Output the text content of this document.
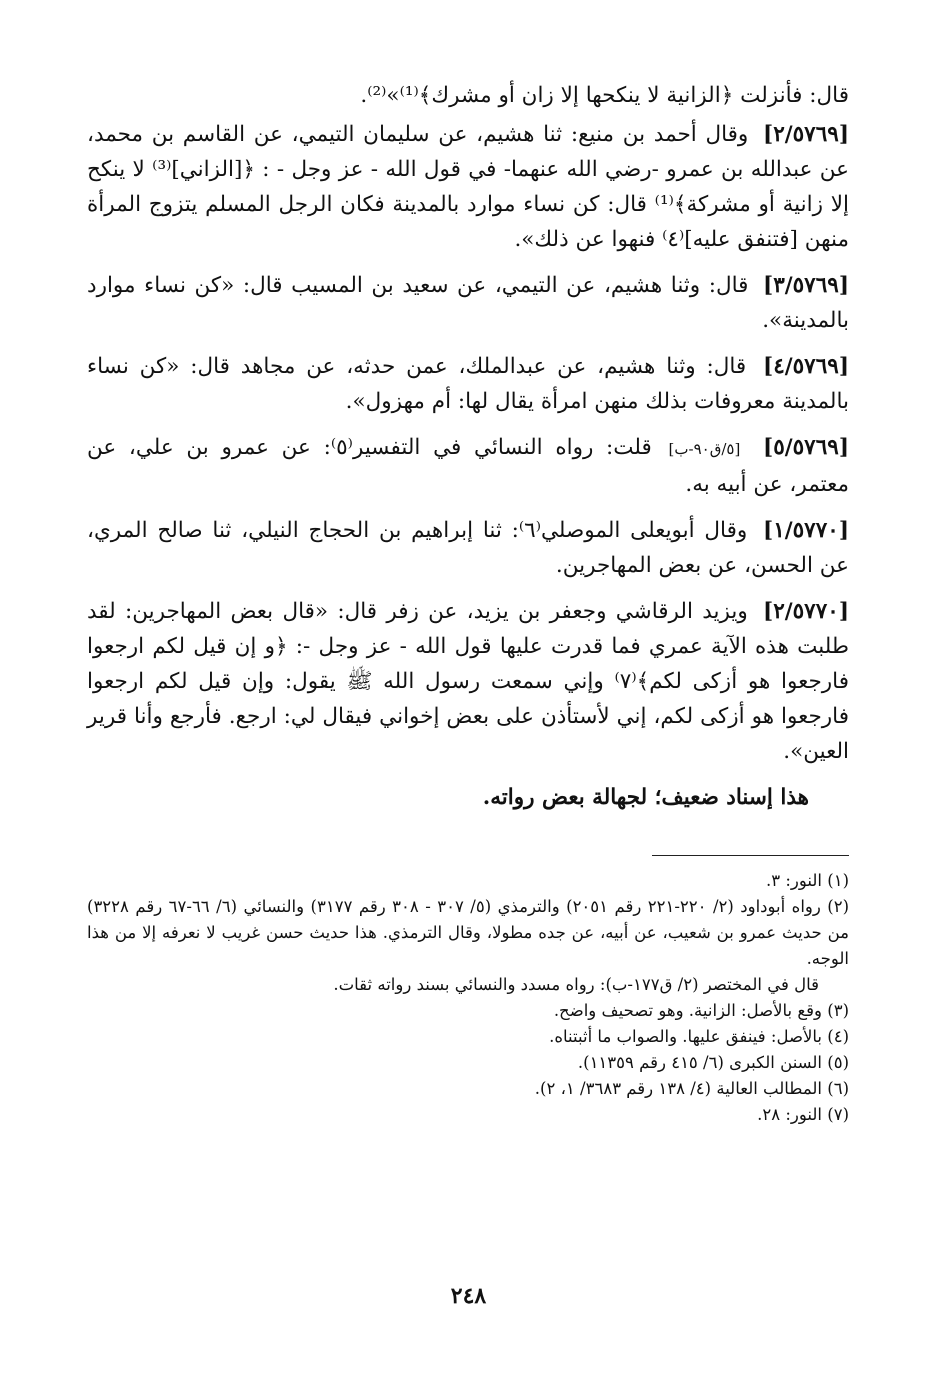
قال: فأنزلت ﴿الزانية لا ينكحها إلا زان أو مشرك﴾⁽¹⁾»⁽²⁾.

[٢/٥٧٦٩] وقال أحمد بن منيع: ثنا هشيم، عن سليمان التيمي، عن القاسم بن محمد، عن عبدالله بن عمرو -رضي الله عنهما- في قول الله - عز وجل - : ﴿[الزاني]⁽³⁾ لا ينكح إلا زانية أو مشركة﴾⁽¹⁾ قال: كن نساء موارد بالمدينة فكان الرجل المسلم يتزوج المرأة منهن [فتنفق عليه]⁽٤⁾ فنهوا عن ذلك».

[٣/٥٧٦٩] قال: وثنا هشيم، عن التيمي، عن سعيد بن المسيب قال: «كن نساء موارد بالمدينة».

[٤/٥٧٦٩] قال: وثنا هشيم، عن عبدالملك، عمن حدثه، عن مجاهد قال: «كن نساء بالمدينة معروفات بذلك منهن امرأة يقال لها: أم مهزول».

[٥/٥٧٦٩] [٥/ق٩٠-ب] قلت: رواه النسائي في التفسير⁽٥⁾: عن عمرو بن علي، عن معتمر، عن أبيه به.

[١/٥٧٧٠] وقال أبويعلى الموصلي⁽٦⁾: ثنا إبراهيم بن الحجاج النيلي، ثنا صالح المري، عن الحسن، عن بعض المهاجرين.

[٢/٥٧٧٠] ويزيد الرقاشي وجعفر بن يزيد، عن زفر قال: «قال بعض المهاجرين: لقد طلبت هذه الآية عمري فما قدرت عليها قول الله - عز وجل -: ﴿و إن قيل لكم ارجعوا فارجعوا هو أزكى لكم﴾⁽٧⁾ وإني سمعت رسول الله ﷺ يقول: وإن قيل لكم ارجعوا فارجعوا هو أزكى لكم، إني لأستأذن على بعض إخواني فيقال لي: ارجع. فأرجع وأنا قرير العين».

هذا إسناد ضعيف؛ لجهالة بعض رواته.

(١) النور: ٣.

(٢) رواه أبوداود (٢/ ٢٢٠-٢٢١ رقم ٢٠٥١) والترمذي (٥/ ٣٠٧ - ٣٠٨ رقم ٣١٧٧) والنسائي (٦/ ٦٦-٦٧ رقم ٣٢٢٨) من حديث عمرو بن شعيب، عن أبيه، عن جده مطولا، وقال الترمذي. هذا حديث حسن غريب لا نعرفه إلا من هذا الوجه.

قال في المختصر (٢/ ق١٧٧-ب): رواه مسدد والنسائي بسند رواته ثقات.

(٣) وقع بالأصل: الزانية. وهو تصحيف واضح.

(٤) بالأصل: فينفق عليها. والصواب ما أثبتناه.

(٥) السنن الكبرى (٦/ ٤١٥ رقم ١١٣٥٩).

(٦) المطالب العالية (٤/ ١٣٨ رقم ٣٦٨٣/ ١، ٢).

(٧) النور: ٢٨.

٢٤٨
